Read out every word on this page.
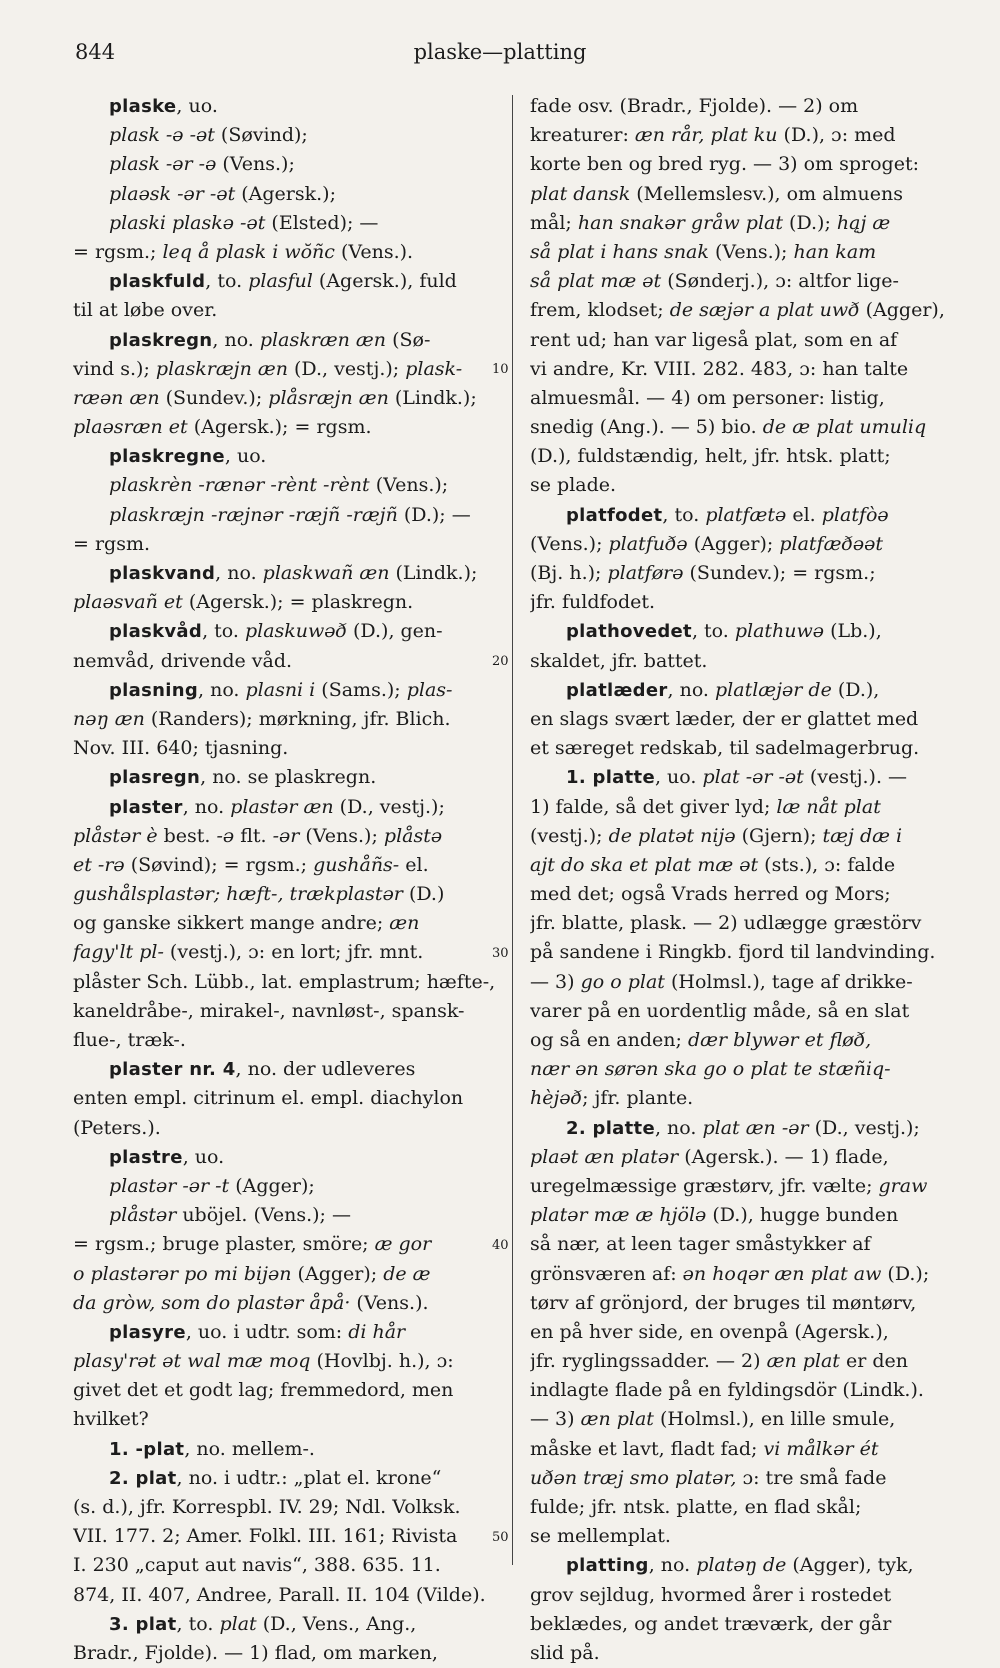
844	plaske—platting
plaske, uo.
plask -ə -ət (Søvind);
plask -ər -ə (Vens.);
plaəsk -ər -ət (Agersk.);
plaski plaskə -ət (Elsted); —
= rgsm.; leq å plask i wŏñc (Vens.).
plaskfuld, to. plasful (Agersk.), fuld
til at løbe over.
plaskregn, no. plaskræn æn (Sø-
vind s.); plaskræjn æn (D., vestj.); plask-
ræən æn (Sundev.); plåsræjn æn (Lindk.);
plaəsræn et (Agersk.); = rgsm.
plaskregne, uo.
plaskrèn -rænər -rènt -rènt (Vens.);
plaskræjn -ræjnər -ræjñ -ræjñ (D.); —
= rgsm.
plaskvand, no. plaskwañ æn (Lindk.);
plaəsvañ et (Agersk.); = plaskregn.
plaskvåd, to. plaskuwəð (D.), gen-
nemvåd, drivende våd.
plasning, no. plasni i (Sams.); plas-
nəŋ æn (Randers); mørkning, jfr. Blich.
Nov. III. 640; tjasning.
plasregn, no. se plaskregn.
plaster, no. plastər æn (D., vestj.);
plåstər è best. -ə flt. -ər (Vens.); plåstə
et -rə (Søvind); = rgsm.; gushåñs- el.
gushålsplastər; hæft-, trækplastər (D.)
og ganske sikkert mange andre; æn
fagy'lt pl- (vestj.), ɔ: en lort; jfr. mnt.
plåster Sch. Lübb., lat. emplastrum; hæfte-,
kaneldråbe-, mirakel-, navnløst-, spansk-
flue-, træk-.
plaster nr. 4, no. der udleveres
enten empl. citrinum el. empl. diachylon
(Peters.).
plastre, uo.
plastər -ər -t (Agger);
plåstər uböjel. (Vens.); —
= rgsm.; bruge plaster, smöre; æ gor
o plastərər po mi bijən (Agger); de æ
da gròw, som do plastər åpå· (Vens.).
plasyre, uo. i udtr. som: di hår
plasy'rət ət wal mæ moq (Hovlbj. h.), ɔ:
givet det et godt lag; fremmedord, men
hvilket?
1. -plat, no. mellem-.
2. plat, no. i udtr.: „plat el. krone“
(s. d.), jfr. Korrespbl. IV. 29; Ndl. Volksk.
VII. 177. 2; Amer. Folkl. III. 161; Rivista
I. 230 „caput aut navis“, 388. 635. 11.
874, II. 407, Andree, Parall. II. 104 (Vilde).
3. plat, to. plat (D., Vens., Ang.,
Bradr., Fjolde). — 1) flad, om marken,
10
20
30
40
50
fade osv. (Bradr., Fjolde). — 2) om
kreaturer: æn rår, plat ku (D.), ɔ: med
korte ben og bred ryg. — 3) om sproget:
plat dansk (Mellemslesv.), om almuens
mål; han snakər gråw plat (D.); hąj æ
så plat i hans snak (Vens.); han kam
så plat mæ ət (Sønderj.), ɔ: altfor lige-
frem, klodset; de sæjər a plat uwð (Agger),
rent ud; han var ligeså plat, som en af
vi andre, Kr. VIII. 282. 483, ɔ: han talte
almuesmål. — 4) om personer: listig,
snedig (Ang.). — 5) bio. de æ plat umuliq
(D.), fuldstændig, helt, jfr. htsk. platt;
se plade.
platfodet, to. platfætə el. platfòə
(Vens.); platfuðə (Agger); platfæðəət
(Bj. h.); platførə (Sundev.); = rgsm.;
jfr. fuldfodet.
plathovedet, to. plathuwə (Lb.),
skaldet, jfr. battet.
platlæder, no. platlæjər de (D.),
en slags svært læder, der er glattet med
et særeget redskab, til sadelmagerbrug.
1. platte, uo. plat -ər -ət (vestj.). —
1) falde, så det giver lyd; læ nåt plat
(vestj.); de platət nijə (Gjern); tæj dæ i
ajt do ska et plat mæ ət (sts.), ɔ: falde
med det; også Vrads herred og Mors;
jfr. blatte, plask. — 2) udlægge græstörv
på sandene i Ringkb. fjord til landvinding.
— 3) go o plat (Holmsl.), tage af drikke-
varer på en uordentlig måde, så en slat
og så en anden; dær blywər et fløð,
nær ən sørən ska go o plat te stæñiq-
hèjəð; jfr. plante.
2. platte, no. plat æn -ər (D., vestj.);
plaət æn platər (Agersk.). — 1) flade,
uregelmæssige græstørv, jfr. vælte; graw
platər mæ æ hjölə (D.), hugge bunden
så nær, at leen tager småstykker af
grönsværen af: ən hoqər æn plat aw (D.);
tørv af grönjord, der bruges til møntørv,
en på hver side, en ovenpå (Agersk.),
jfr. ryglingssadder. — 2) æn plat er den
indlagte flade på en fyldingsdör (Lindk.).
— 3) æn plat (Holmsl.), en lille smule,
måske et lavt, fladt fad; vi målkər ét
uðən træj smo platər, ɔ: tre små fade
fulde; jfr. ntsk. platte, en flad skål;
se mellemplat.
platting, no. platəŋ de (Agger), tyk,
grov sejldug, hvormed årer i rostedet
beklædes, og andet træværk, der går
slid på.
